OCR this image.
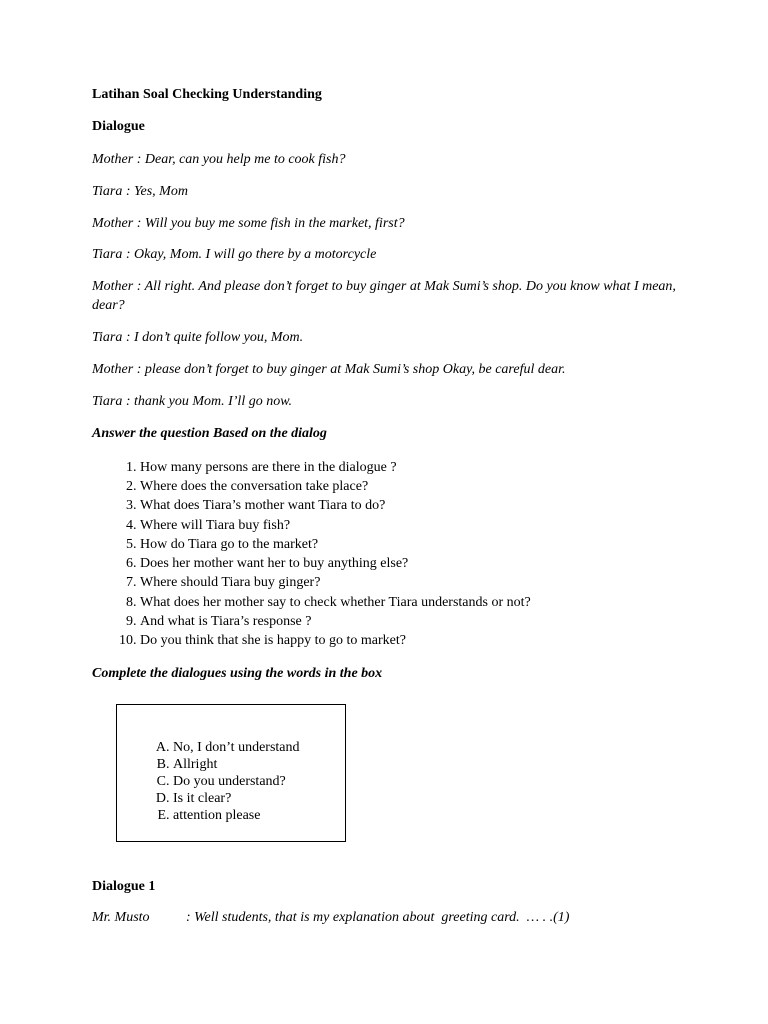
Latihan Soal Checking Understanding

Dialogue

Mother : Dear, can you help me to cook fish?

Tiara : Yes, Mom

Mother : Will you buy me some fish in the market, first?

Tiara : Okay, Mom. I will go there by a motorcycle

Mother : All right. And please don’t forget to buy ginger at Mak Sumi’s shop. Do you know what I mean, dear?

Tiara : I don’t quite follow you, Mom.

Mother : please don’t forget to buy ginger at Mak Sumi’s shop Okay, be careful dear.

Tiara : thank you Mom. I’ll go now.

Answer the question Based on the dialog

1. How many persons are there in the dialogue ?
2. Where does the conversation take place?
3. What does Tiara’s mother want Tiara to do?
4. Where will Tiara buy fish?
5. How do Tiara go to the market?
6. Does her mother want her to buy anything else?
7. Where should Tiara buy ginger?
8. What does her mother say to check whether Tiara understands or not?
9. And what is Tiara’s response ?
10. Do you think that she is happy to go to market?

Complete the dialogues using the words in the box

A. No, I don’t understand
B. Allright
C. Do you understand?
D. Is it clear?
E. attention please
Dialogue 1
Mr. Musto	: Well students, that is my explanation about  greeting card.  … . .(1)
